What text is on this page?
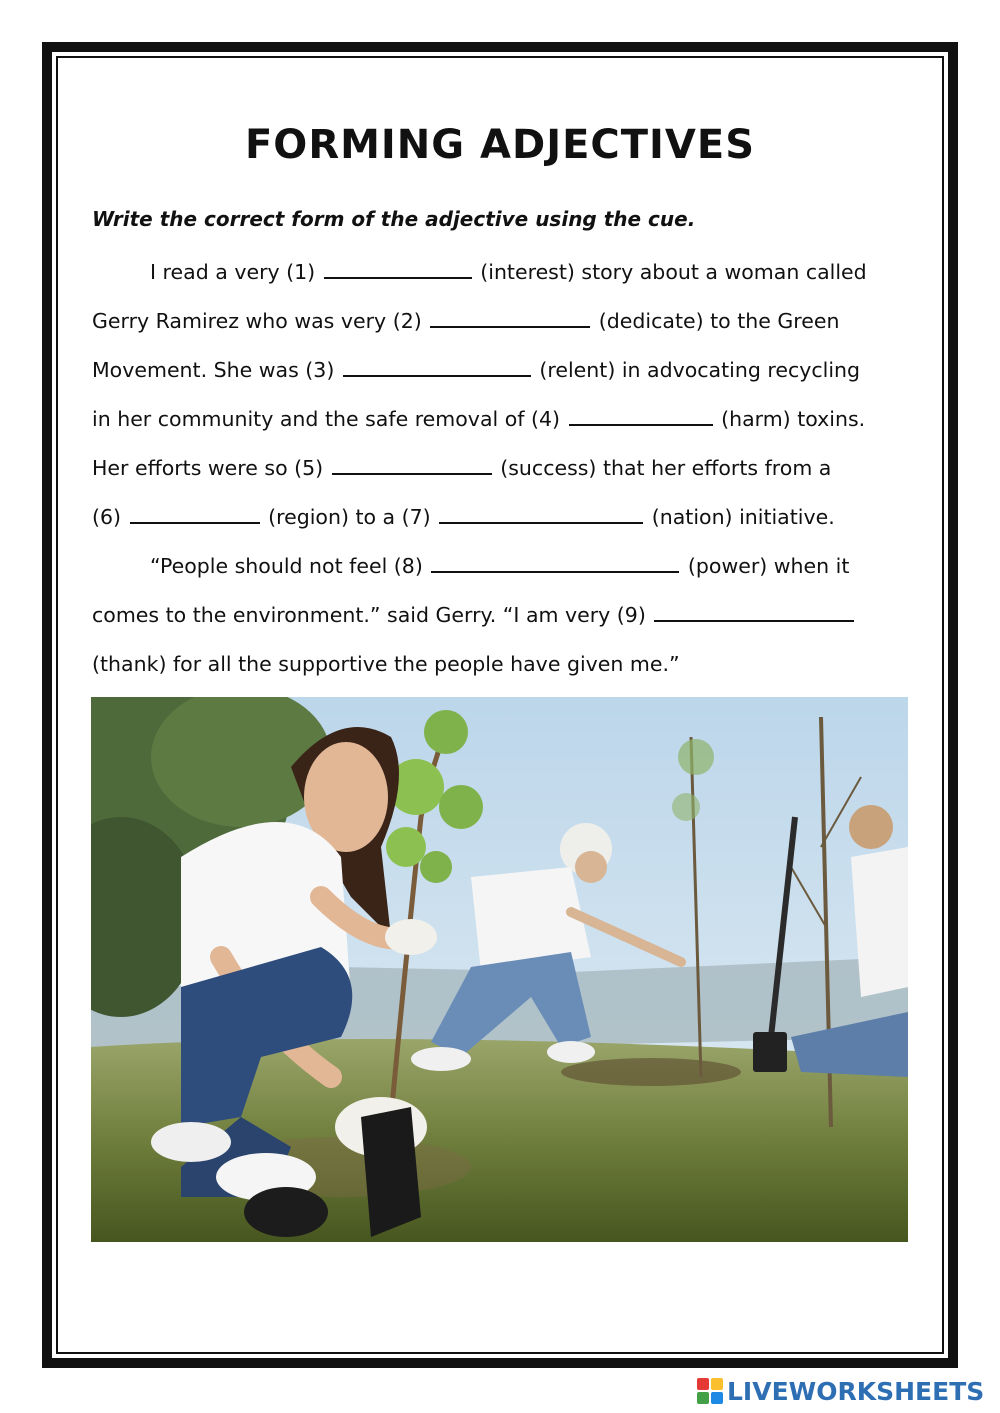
FORMING ADJECTIVES
Write the correct form of the adjective using the cue.
I read a very (1)	(interest) story about a woman called
Gerry Ramirez who was very (2)	(dedicate) to the Green
Movement. She was (3)	(relent) in advocating recycling
in her community and the safe removal of (4)	(harm) toxins.
Her efforts were so (5)	(success) that her efforts from a
(6)	(region) to a (7)	(nation) initiative.
“People should not feel (8)	(power) when it
comes to the environment.” said Gerry. “I am very (9)
(thank) for all the supportive the people have given me.”
LIVEWORKSHEETS
